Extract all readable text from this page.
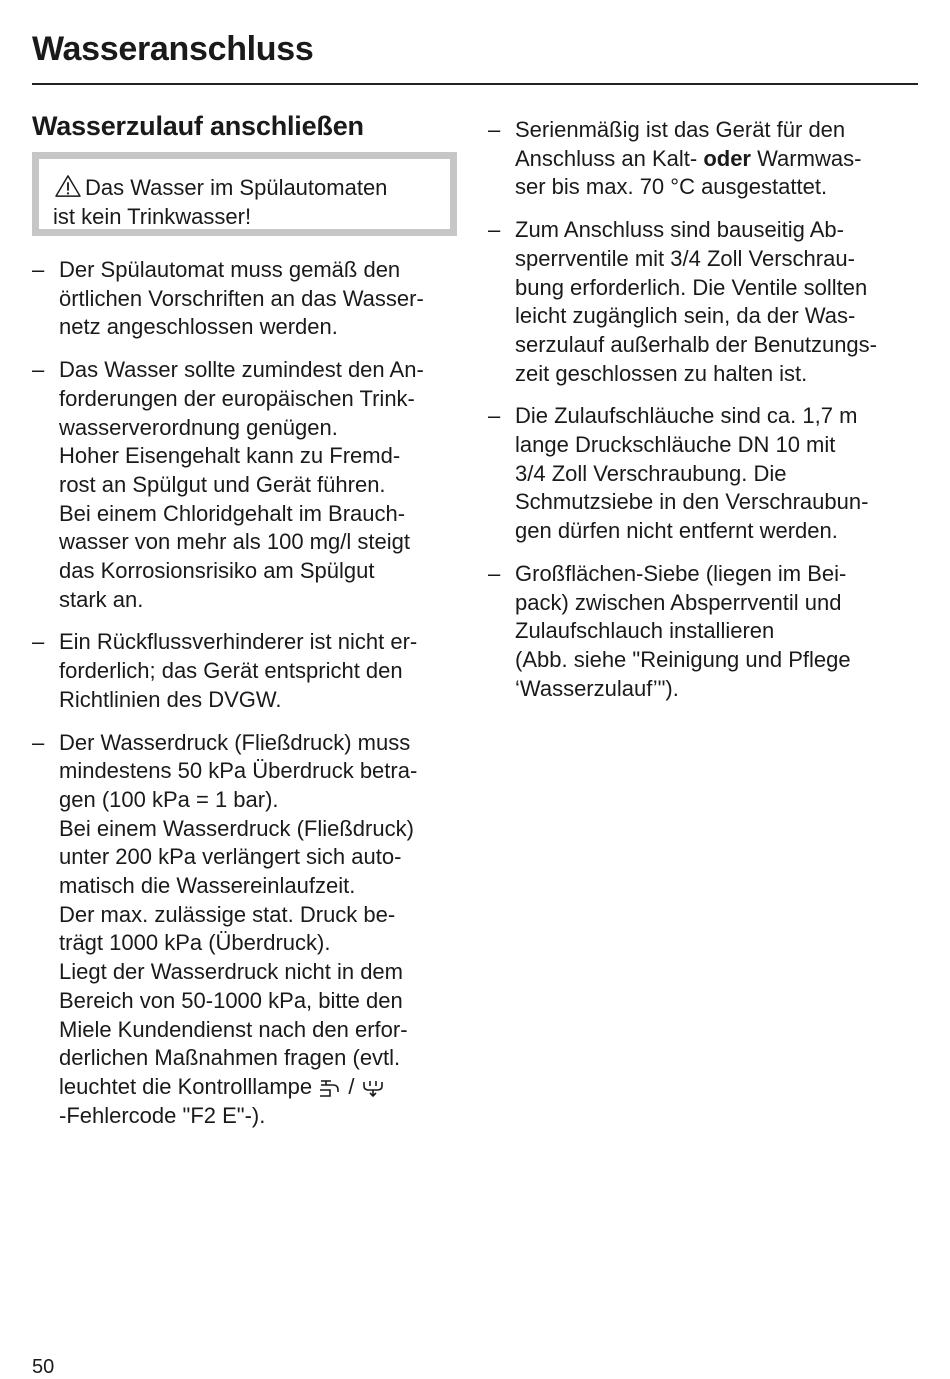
Wasseranschluss
Wasserzulauf anschließen
Das Wasser im Spülautomaten
ist kein Trinkwasser!
– Der Spülautomat muss gemäß den
örtlichen Vorschriften an das Wasser-
netz angeschlossen werden.
– Das Wasser sollte zumindest den An-
forderungen der europäischen Trink-
wasserverordnung genügen.
Hoher Eisengehalt kann zu Fremd-
rost an Spülgut und Gerät führen.
Bei einem Chloridgehalt im Brauch-
wasser von mehr als 100 mg/l steigt
das Korrosionsrisiko am Spülgut
stark an.
– Ein Rückflussverhinderer ist nicht er-
forderlich; das Gerät entspricht den
Richtlinien des DVGW.
– Der Wasserdruck (Fließdruck) muss
mindestens 50 kPa Überdruck betra-
gen (100 kPa = 1 bar).
Bei einem Wasserdruck (Fließdruck)
unter 200 kPa verlängert sich auto-
matisch die Wassereinlaufzeit.
Der max. zulässige stat. Druck be-
trägt 1000 kPa (Überdruck).
Liegt der Wasserdruck nicht in dem
Bereich von 50-1000 kPa, bitte den
Miele Kundendienst nach den erfor-
derlichen Maßnahmen fragen (evtl.
leuchtet die Kontrolllampe  /
-Fehlercode "F2 E"-).
– Serienmäßig ist das Gerät für den
Anschluss an Kalt- oder Warmwas-
ser bis max. 70 °C ausgestattet.
– Zum Anschluss sind bauseitig Ab-
sperrventile mit 3/4 Zoll Verschrau-
bung erforderlich. Die Ventile sollten
leicht zugänglich sein, da der Was-
serzulauf außerhalb der Benutzungs-
zeit geschlossen zu halten ist.
– Die Zulaufschläuche sind ca. 1,7 m
lange Druckschläuche DN 10 mit
3/4 Zoll Verschraubung. Die
Schmutzsiebe in den Verschraubun-
gen dürfen nicht entfernt werden.
– Großflächen-Siebe (liegen im Bei-
pack) zwischen Absperrventil und
Zulaufschlauch installieren
(Abb. siehe "Reinigung und Pflege
‘Wasserzulauf’").
50
